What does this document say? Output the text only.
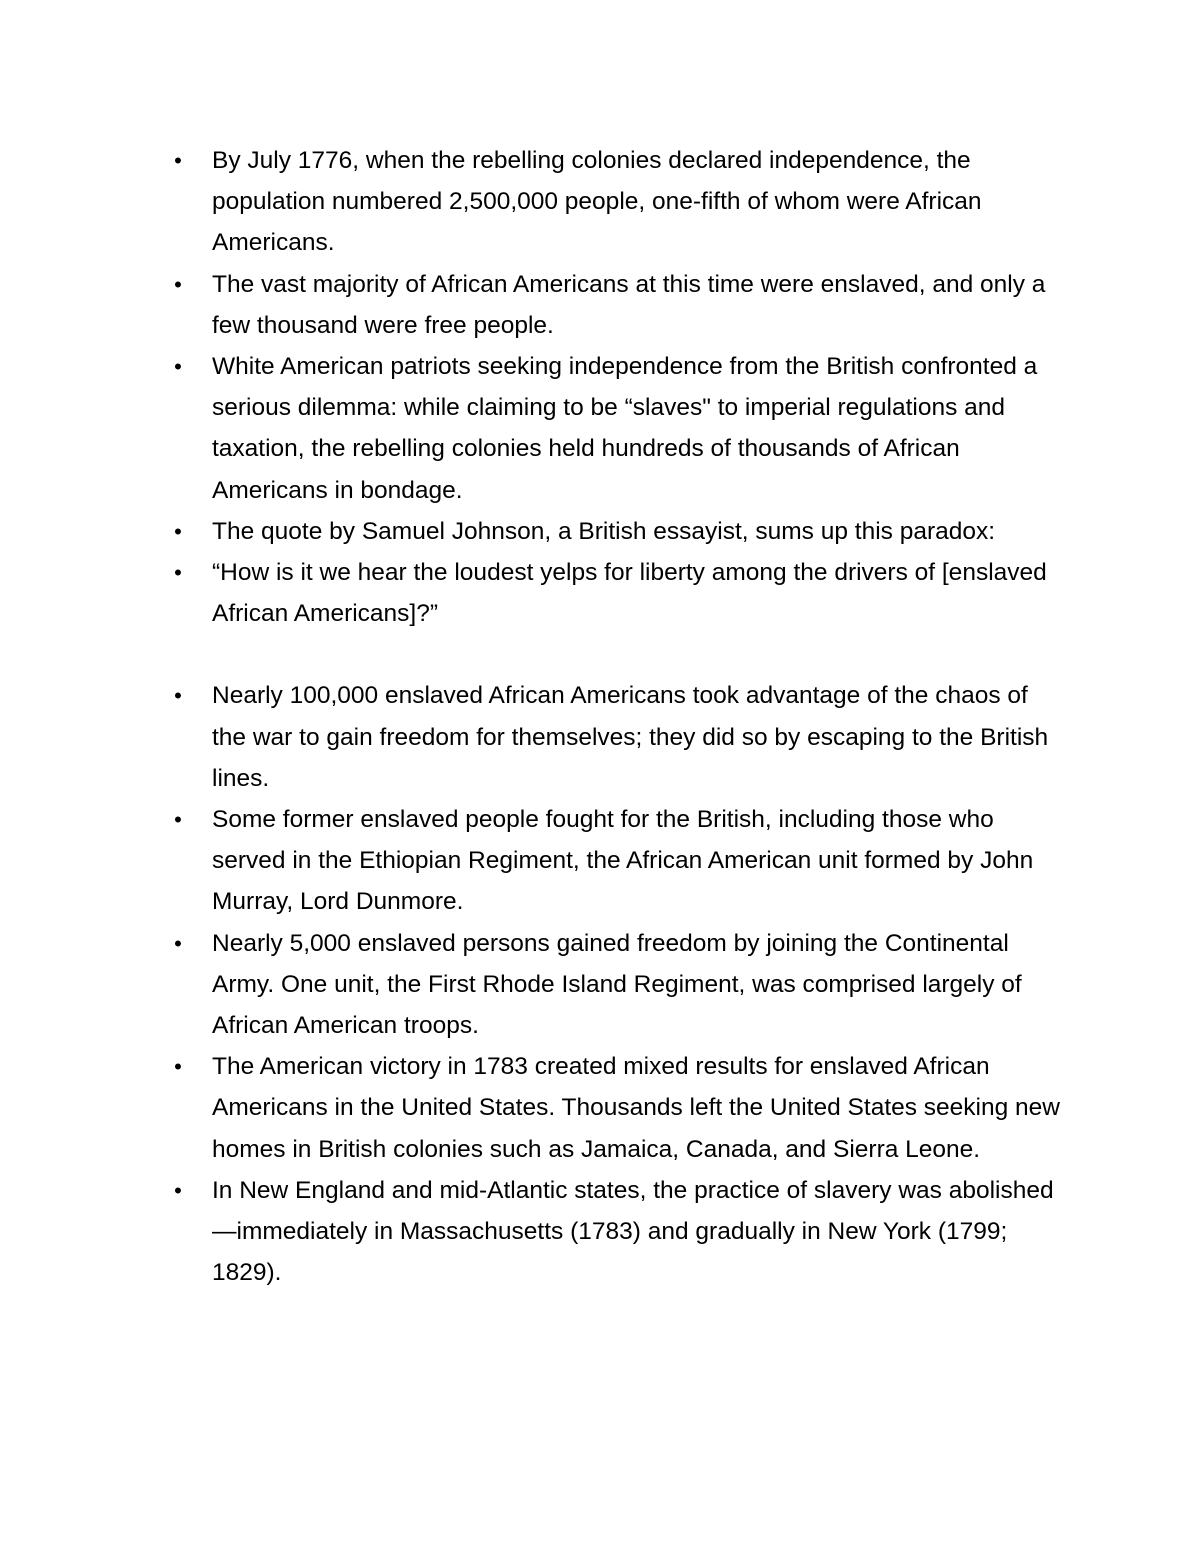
• By July 1776, when the rebelling colonies declared independence, the population numbered 2,500,000 people, one-fifth of whom were African Americans.
• The vast majority of African Americans at this time were enslaved, and only a few thousand were free people.
• White American patriots seeking independence from the British confronted a serious dilemma: while claiming to be “slaves" to imperial regulations and taxation, the rebelling colonies held hundreds of thousands of African Americans in bondage.
• The quote by Samuel Johnson, a British essayist, sums up this paradox:
• “How is it we hear the loudest yelps for liberty among the drivers of [enslaved African Americans]?”
• Nearly 100,000 enslaved African Americans took advantage of the chaos of the war to gain freedom for themselves; they did so by escaping to the British lines.
• Some former enslaved people fought for the British, including those who served in the Ethiopian Regiment, the African American unit formed by John Murray, Lord Dunmore.
• Nearly 5,000 enslaved persons gained freedom by joining the Continental Army. One unit, the First Rhode Island Regiment, was comprised largely of African American troops.
• The American victory in 1783 created mixed results for enslaved African Americans in the United States. Thousands left the United States seeking new homes in British colonies such as Jamaica, Canada, and Sierra Leone.
• In New England and mid-Atlantic states, the practice of slavery was abolished—immediately in Massachusetts (1783) and gradually in New York (1799; 1829).
